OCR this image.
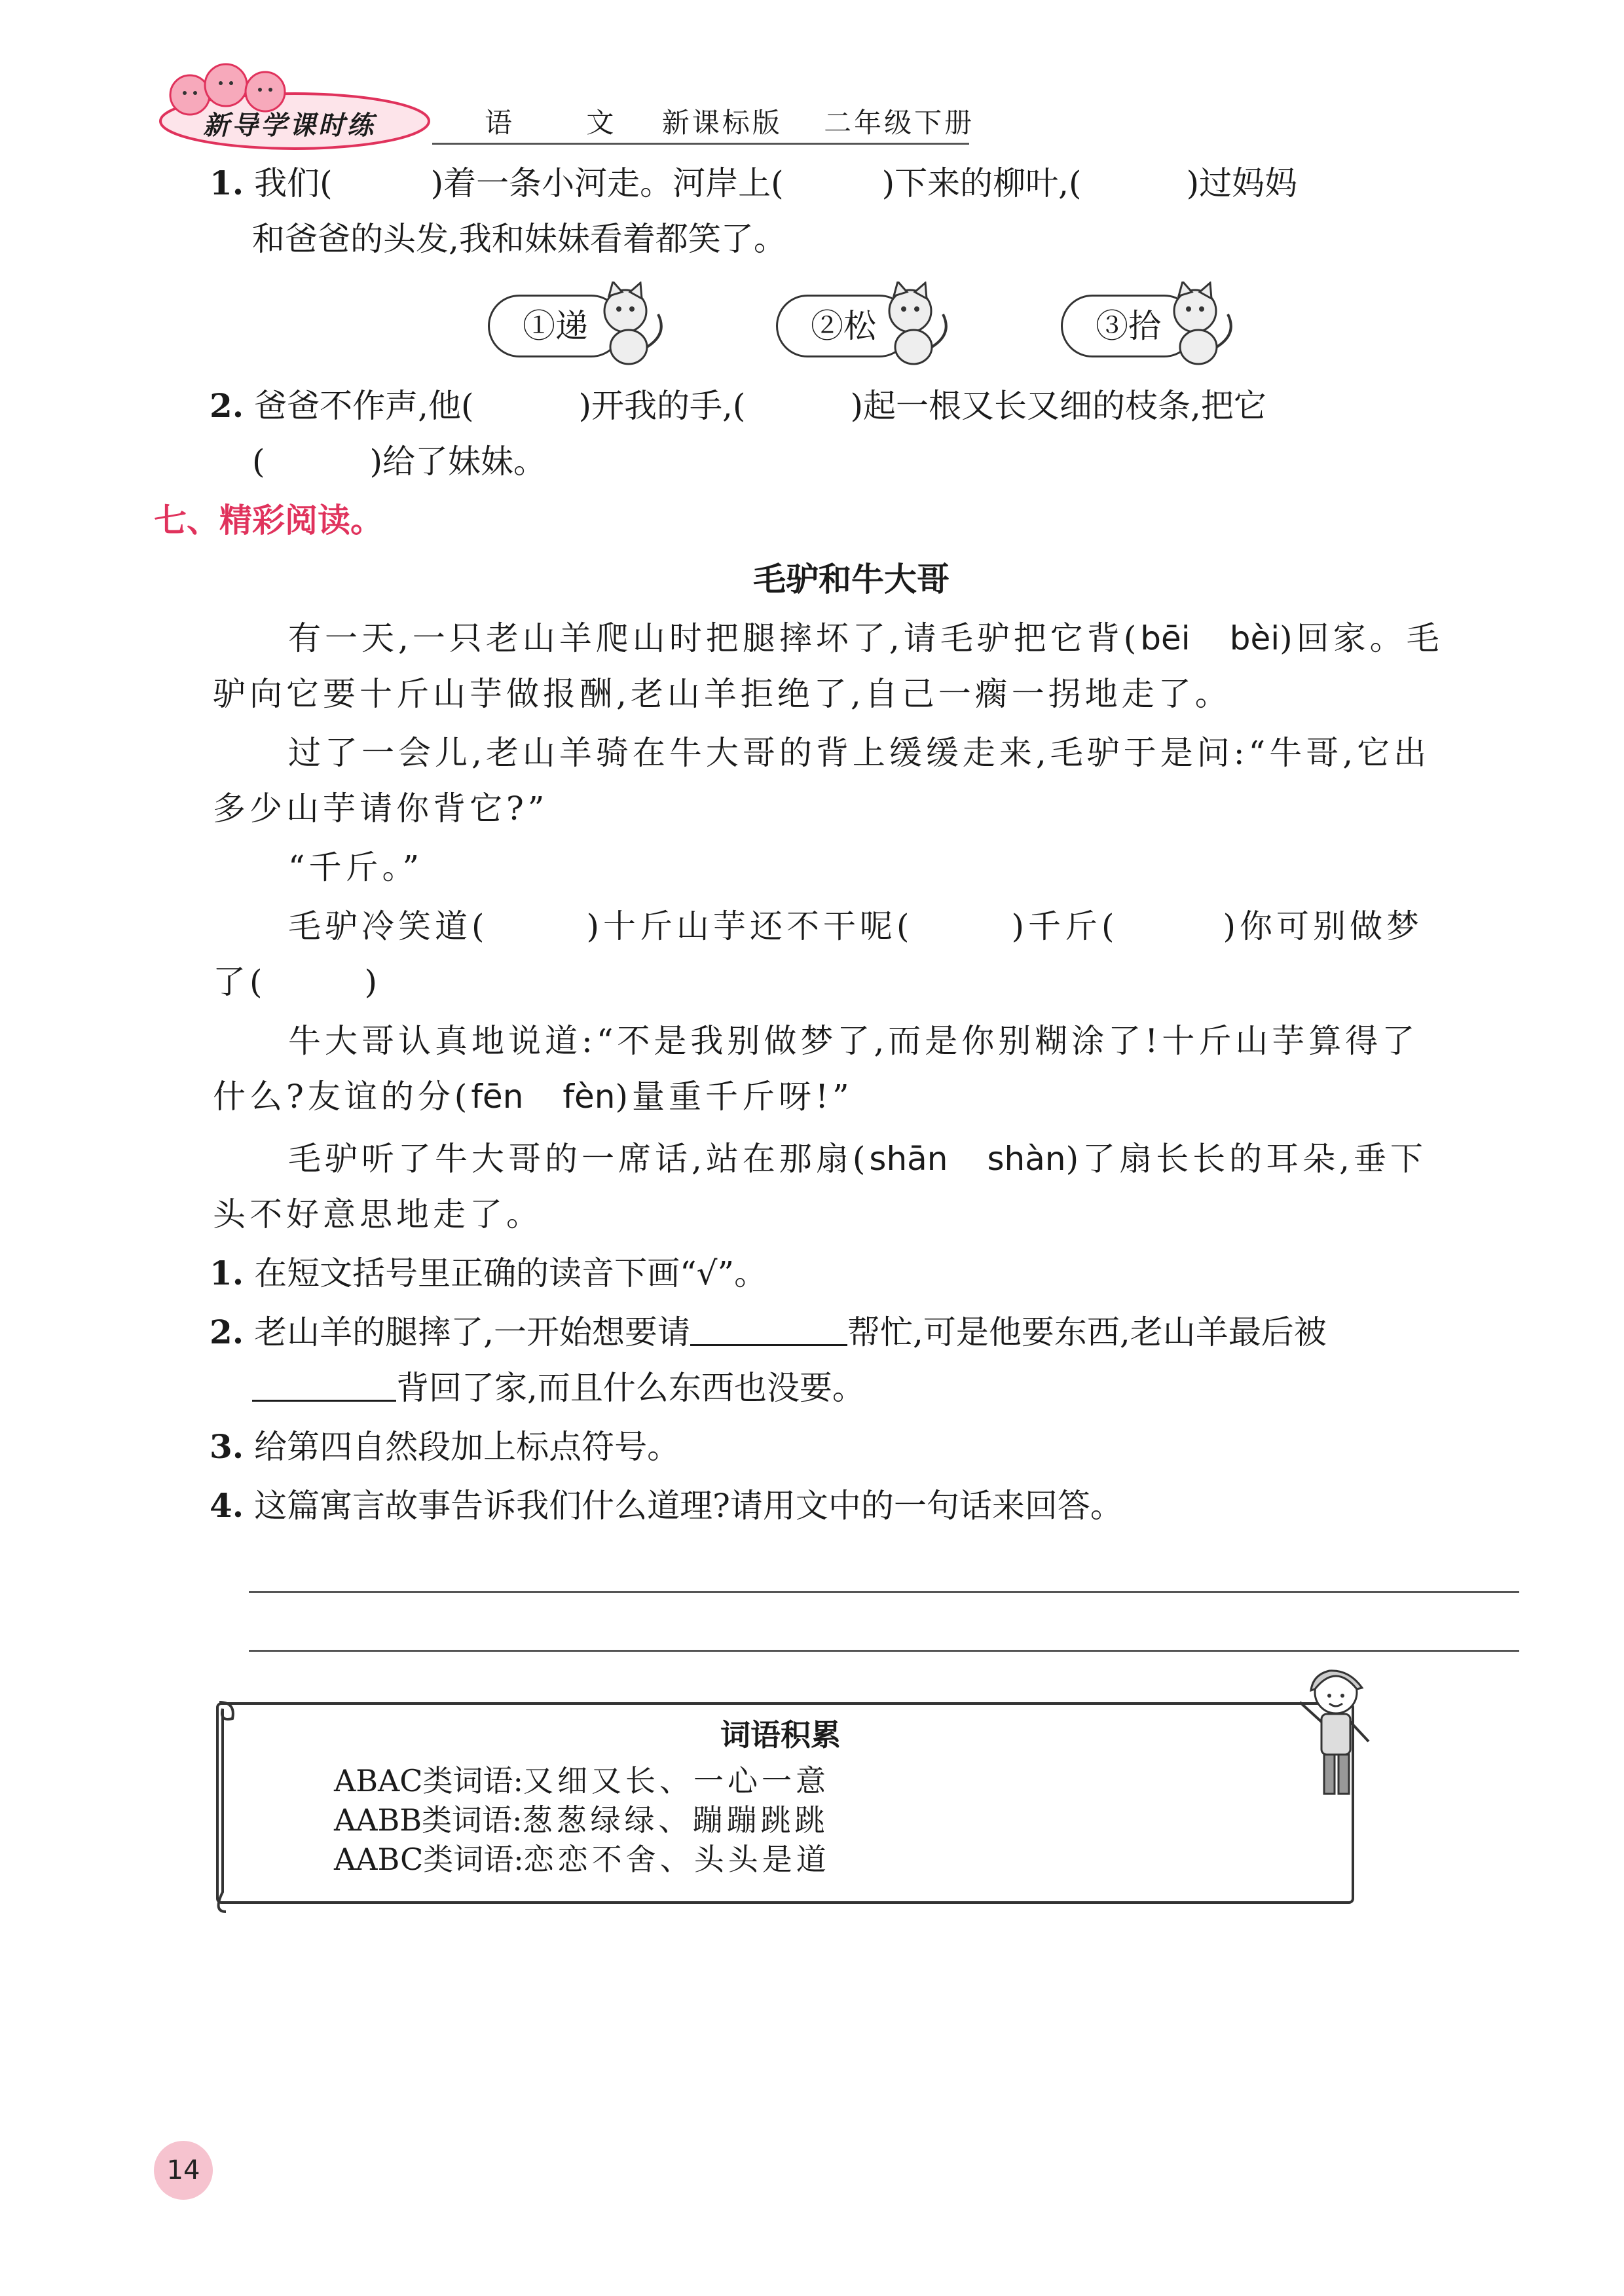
新导学课时练	语	文 新课标版 二年级下册
1. 我们(	)着一条小河走。河岸上(	)下来的柳叶,(	)过妈妈
和爸爸的头发,我和妹妹看着都笑了。
①递	②松	③拾
2. 爸爸不作声,他(	)开我的手,(	)起一根又长又细的枝条,把它
(	)给了妹妹。
七、精彩阅读。
毛驴和牛大哥
有一天,一只老山羊爬山时把腿摔坏了,请毛驴把它背(bēi bèi)回家。毛
驴向它要十斤山芋做报酬,老山羊拒绝了,自己一瘸一拐地走了。
过了一会儿,老山羊骑在牛大哥的背上缓缓走来,毛驴于是问:“牛哥,它出
多少山芋请你背它?”
“千斤。”
毛驴冷笑道(	)十斤山芋还不干呢(	)千斤(	)你可别做梦
了(	)
牛大哥认真地说道:“不是我别做梦了,而是你别糊涂了!十斤山芋算得了
什么?友谊的分(fēn fèn)量重千斤呀!”
毛驴听了牛大哥的一席话,站在那扇(shān shàn)了扇长长的耳朵,垂下
头不好意思地走了。
1. 在短文括号里正确的读音下画“√”。
2. 老山羊的腿摔了,一开始想要请	帮忙,可是他要东西,老山羊最后被
背回了家,而且什么东西也没要。
3. 给第四自然段加上标点符号。
4. 这篇寓言故事告诉我们什么道理?请用文中的一句话来回答。
词语积累
ABAC类词语:又细又长、一心一意
AABB类词语:葱葱绿绿、蹦蹦跳跳
AABC类词语:恋恋不舍、头头是道
14
